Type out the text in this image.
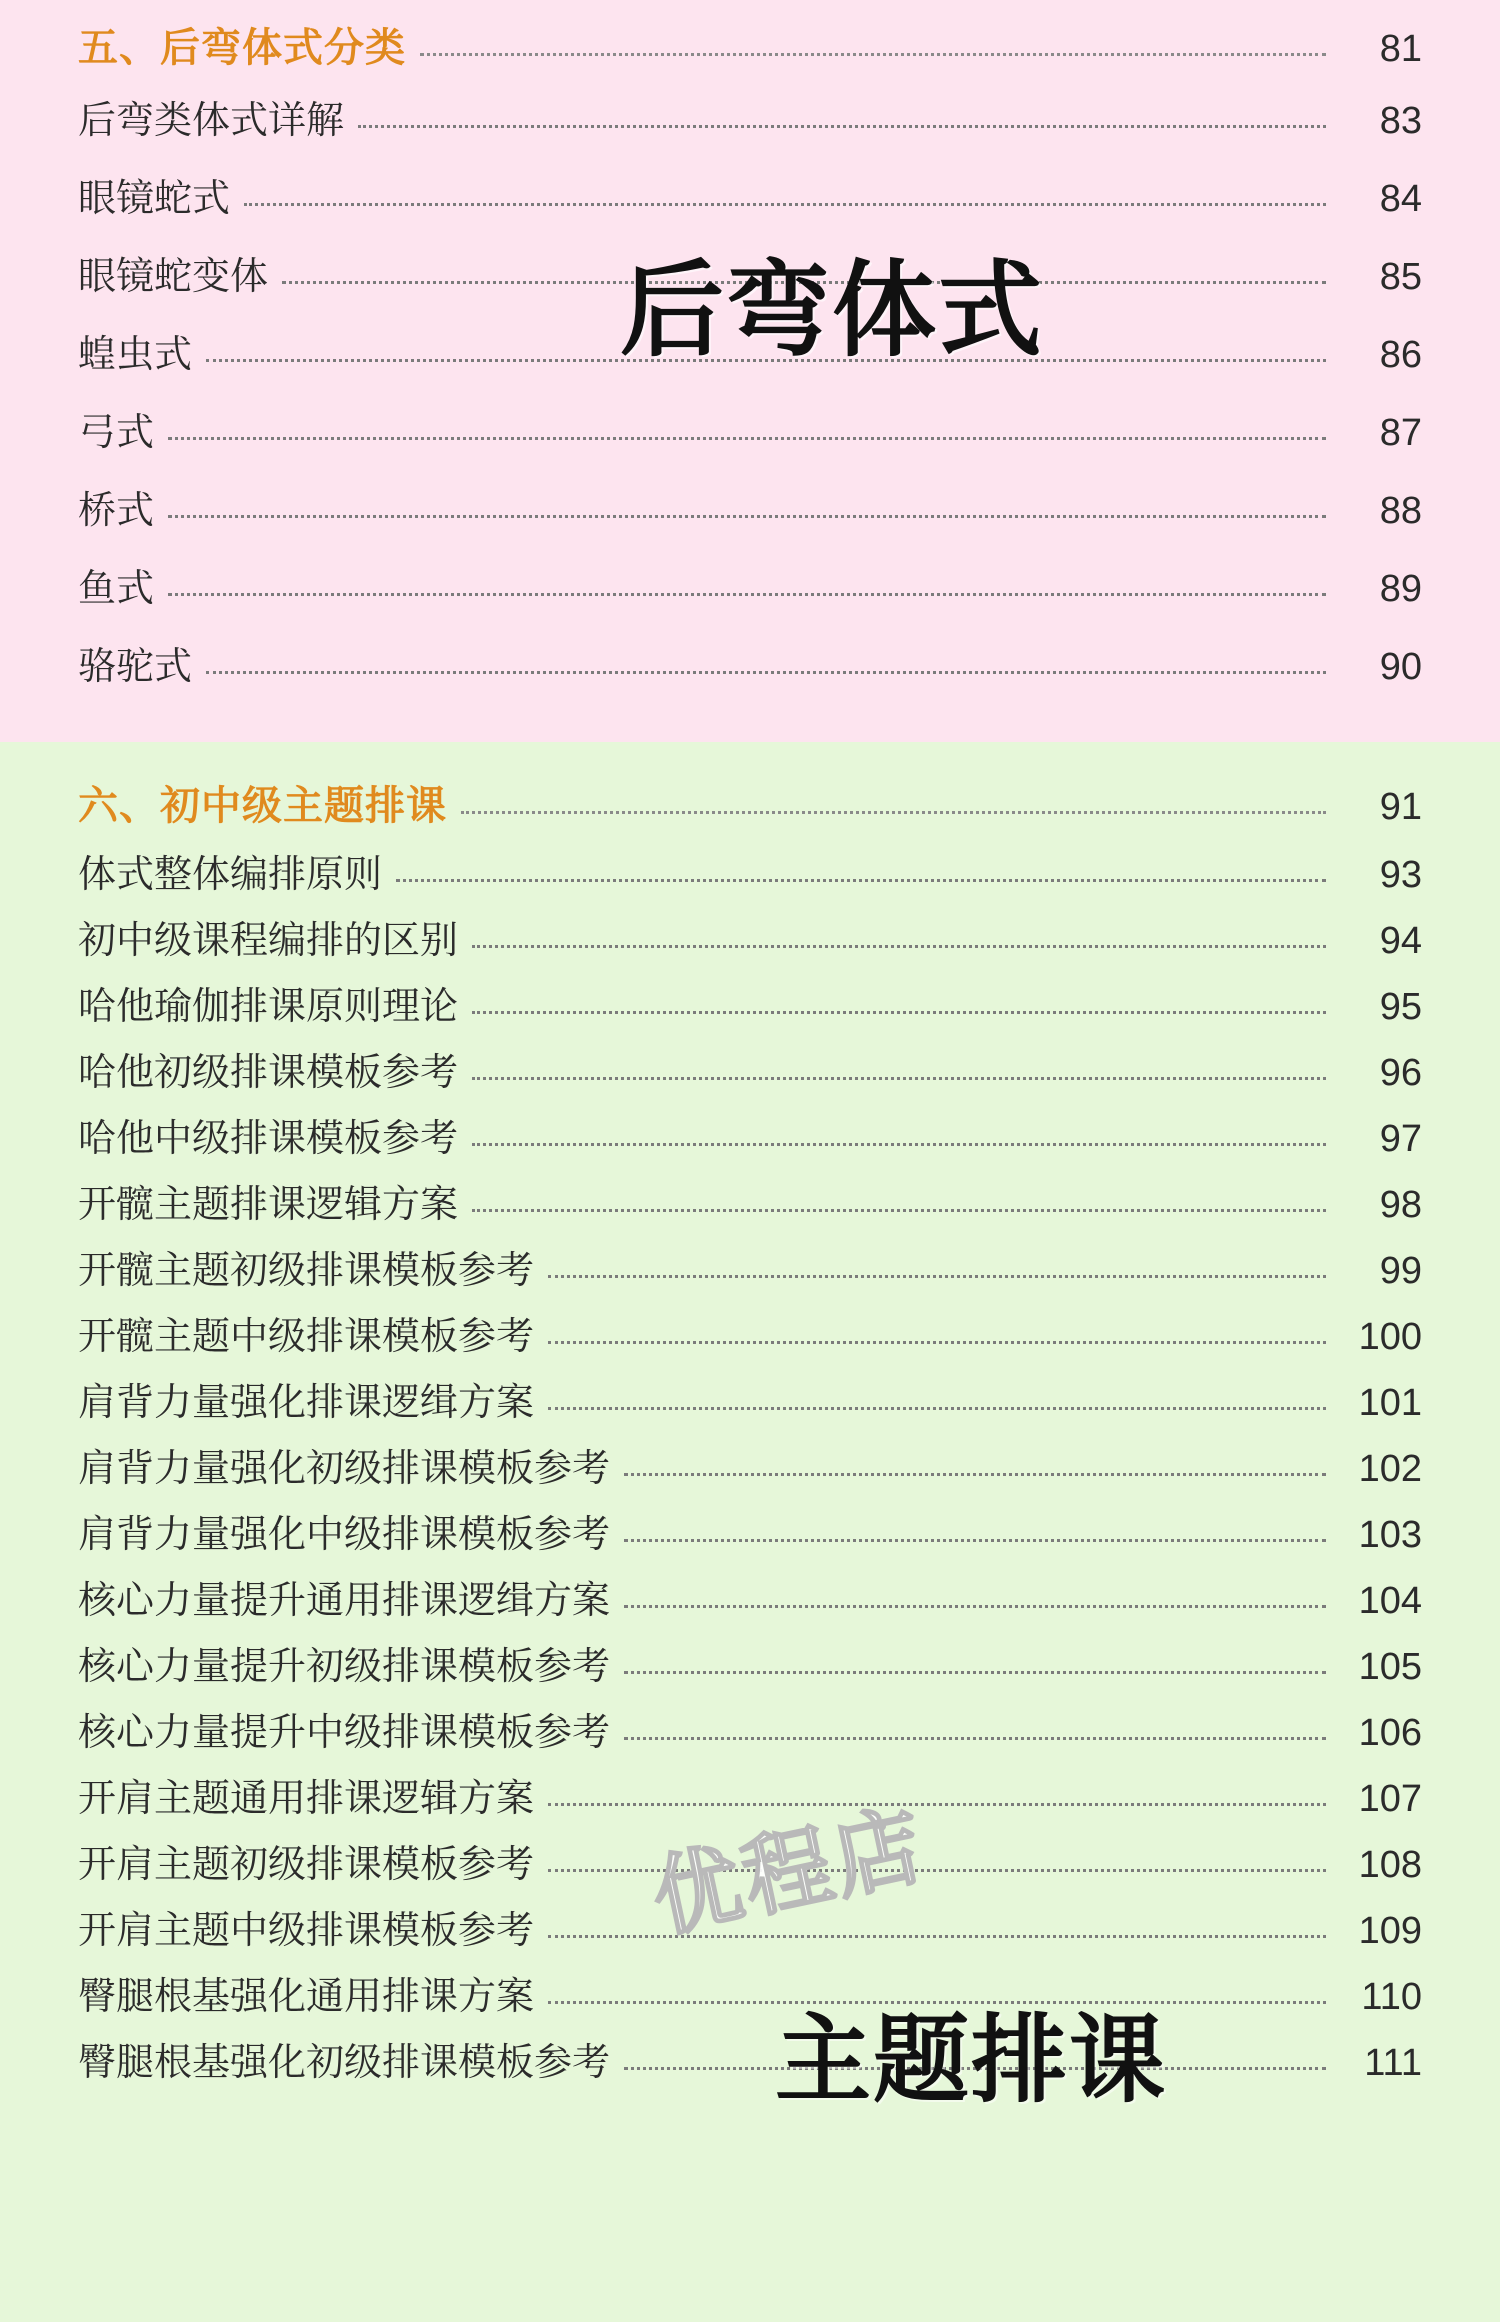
后弯体式
五、后弯体式分类	81
后弯类体式详解	83
眼镜蛇式	84
眼镜蛇变体	85
蝗虫式	86
弓式	87
桥式	88
鱼式	89
骆驼式	90
优程店
主题排课
六、初中级主题排课	91
体式整体编排原则	93
初中级课程编排的区别	94
哈他瑜伽排课原则理论	95
哈他初级排课模板参考	96
哈他中级排课模板参考	97
开髋主题排课逻辑方案	98
开髋主题初级排课模板参考	99
开髋主题中级排课模板参考	100
肩背力量强化排课逻缉方案	101
肩背力量强化初级排课模板参考	102
肩背力量强化中级排课模板参考	103
核心力量提升通用排课逻缉方案	104
核心力量提升初级排课模板参考	105
核心力量提升中级排课模板参考	106
开肩主题通用排课逻辑方案	107
开肩主题初级排课模板参考	108
开肩主题中级排课模板参考	109
臀腿根基强化通用排课方案	110
臀腿根基强化初级排课模板参考	111
